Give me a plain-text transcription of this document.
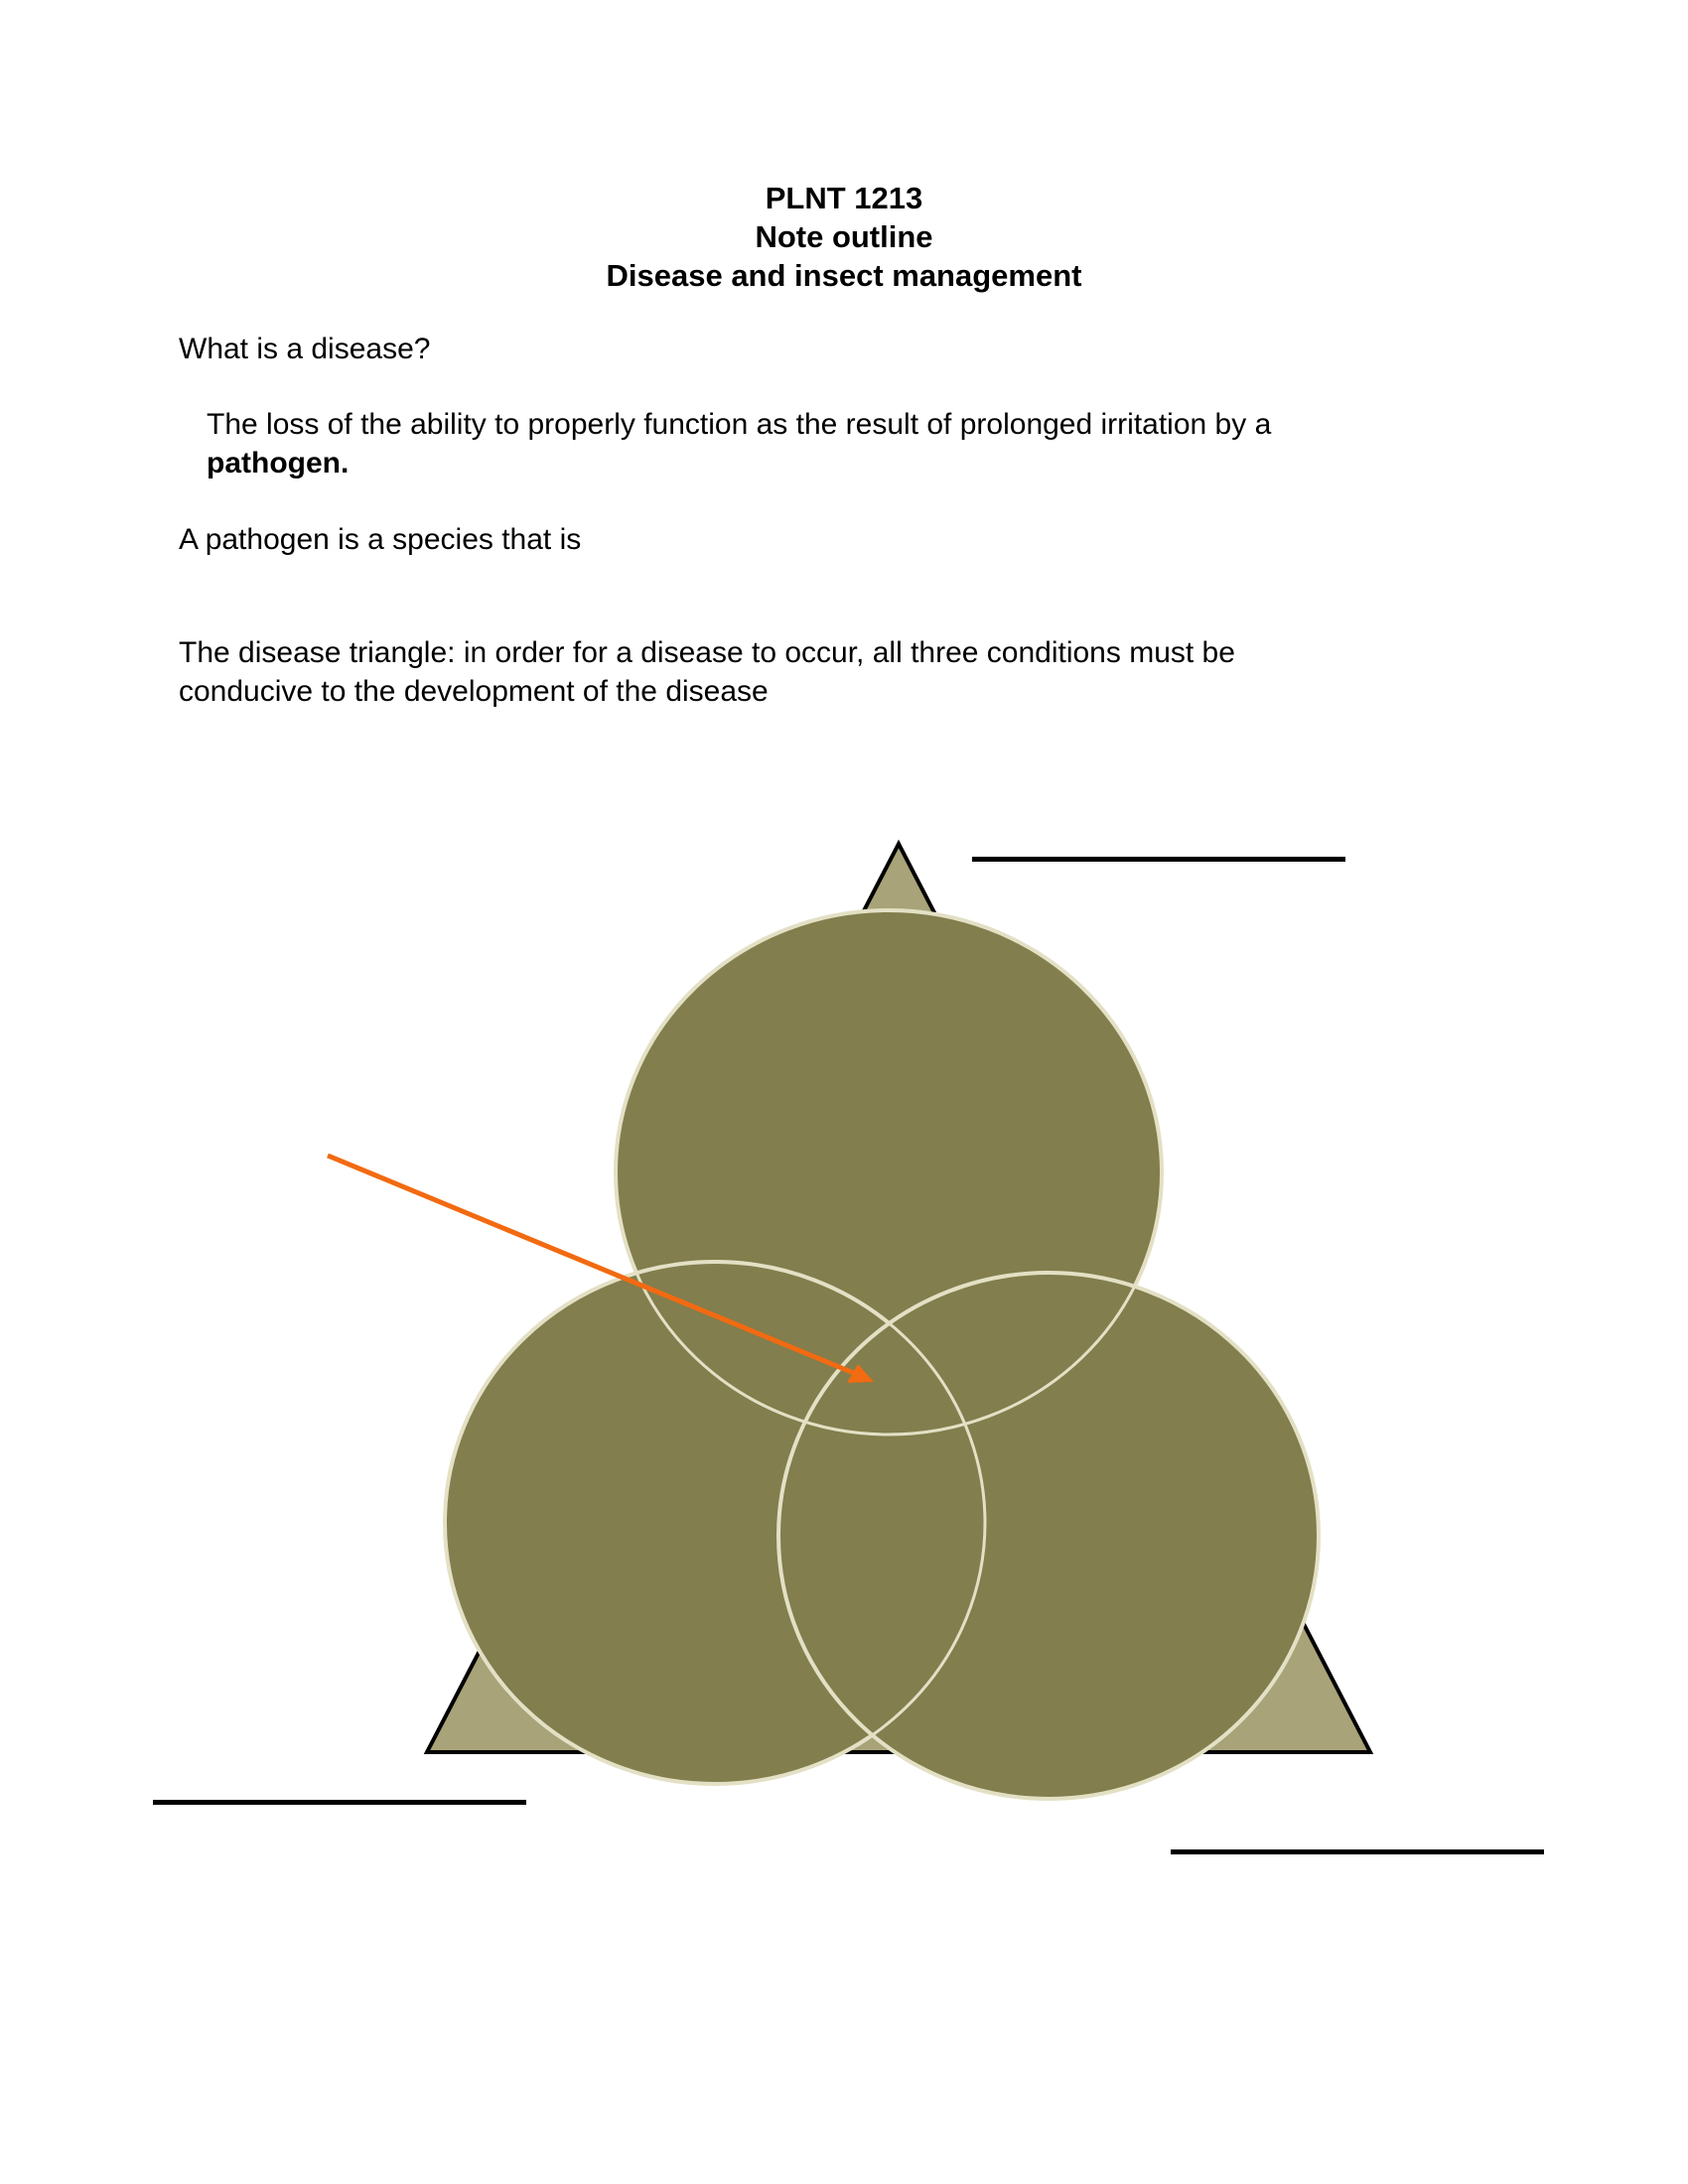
PLNT 1213
Note outline
Disease and insect management
What is a disease?
The loss of the ability to properly function as the result of prolonged irritation by a
pathogen.
A pathogen is a species that is
The disease triangle: in order for a disease to occur, all three conditions must be
conducive to the development of the disease
